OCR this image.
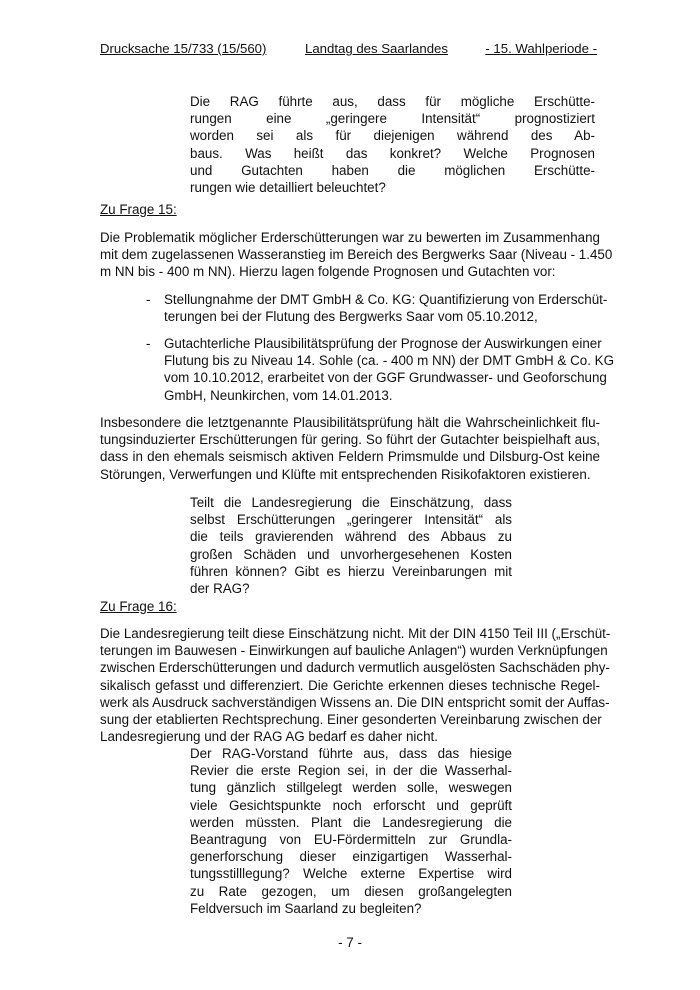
Drucksache 15/733 (15/560)	Landtag des Saarlandes	- 15. Wahlperiode -
Die RAG führte aus, dass für mögliche Erschütte-
rungen eine „geringere Intensität“ prognostiziert
worden sei als für diejenigen während des Ab-
baus. Was heißt das konkret? Welche Prognosen
und Gutachten haben die möglichen Erschütte-
rungen wie detailliert beleuchtet?
Zu Frage 15:
Die Problematik möglicher Erderschütterungen war zu bewerten im Zusammenhang
mit dem zugelassenen Wasseranstieg im Bereich des Bergwerks Saar (Niveau - 1.450
m NN bis - 400 m NN). Hierzu lagen folgende Prognosen und Gutachten vor:
- Stellungnahme der DMT GmbH & Co. KG: Quantifizierung von Erderschüt-
terungen bei der Flutung des Bergwerks Saar vom 05.10.2012,
- Gutachterliche Plausibilitätsprüfung der Prognose der Auswirkungen einer
Flutung bis zu Niveau 14. Sohle (ca. - 400 m NN) der DMT GmbH & Co. KG
vom 10.10.2012, erarbeitet von der GGF Grundwasser- und Geoforschung
GmbH, Neunkirchen, vom 14.01.2013.
Insbesondere die letztgenannte Plausibilitätsprüfung hält die Wahrscheinlichkeit flu-
tungsinduzierter Erschütterungen für gering. So führt der Gutachter beispielhaft aus,
dass in den ehemals seismisch aktiven Feldern Primsmulde und Dilsburg-Ost keine
Störungen, Verwerfungen und Klüfte mit entsprechenden Risikofaktoren existieren.
Teilt die Landesregierung die Einschätzung, dass
selbst Erschütterungen „geringerer Intensität“ als
die teils gravierenden während des Abbaus zu
großen Schäden und unvorhergesehenen Kosten
führen können? Gibt es hierzu Vereinbarungen mit
der RAG?
Zu Frage 16:
Die Landesregierung teilt diese Einschätzung nicht. Mit der DIN 4150 Teil III („Erschüt-
terungen im Bauwesen - Einwirkungen auf bauliche Anlagen“) wurden Verknüpfungen
zwischen Erderschütterungen und dadurch vermutlich ausgelösten Sachschäden phy-
sikalisch gefasst und differenziert. Die Gerichte erkennen dieses technische Regel-
werk als Ausdruck sachverständigen Wissens an. Die DIN entspricht somit der Auffas-
sung der etablierten Rechtsprechung. Einer gesonderten Vereinbarung zwischen der
Landesregierung und der RAG AG bedarf es daher nicht.
Der RAG-Vorstand führte aus, dass das hiesige
Revier die erste Region sei, in der die Wasserhal-
tung gänzlich stillgelegt werden solle, weswegen
viele Gesichtspunkte noch erforscht und geprüft
werden müssten. Plant die Landesregierung die
Beantragung von EU-Fördermitteln zur Grundla-
generforschung dieser einzigartigen Wasserhal-
tungsstilllegung? Welche externe Expertise wird
zu Rate gezogen, um diesen großangelegten
Feldversuch im Saarland zu begleiten?
- 7 -
